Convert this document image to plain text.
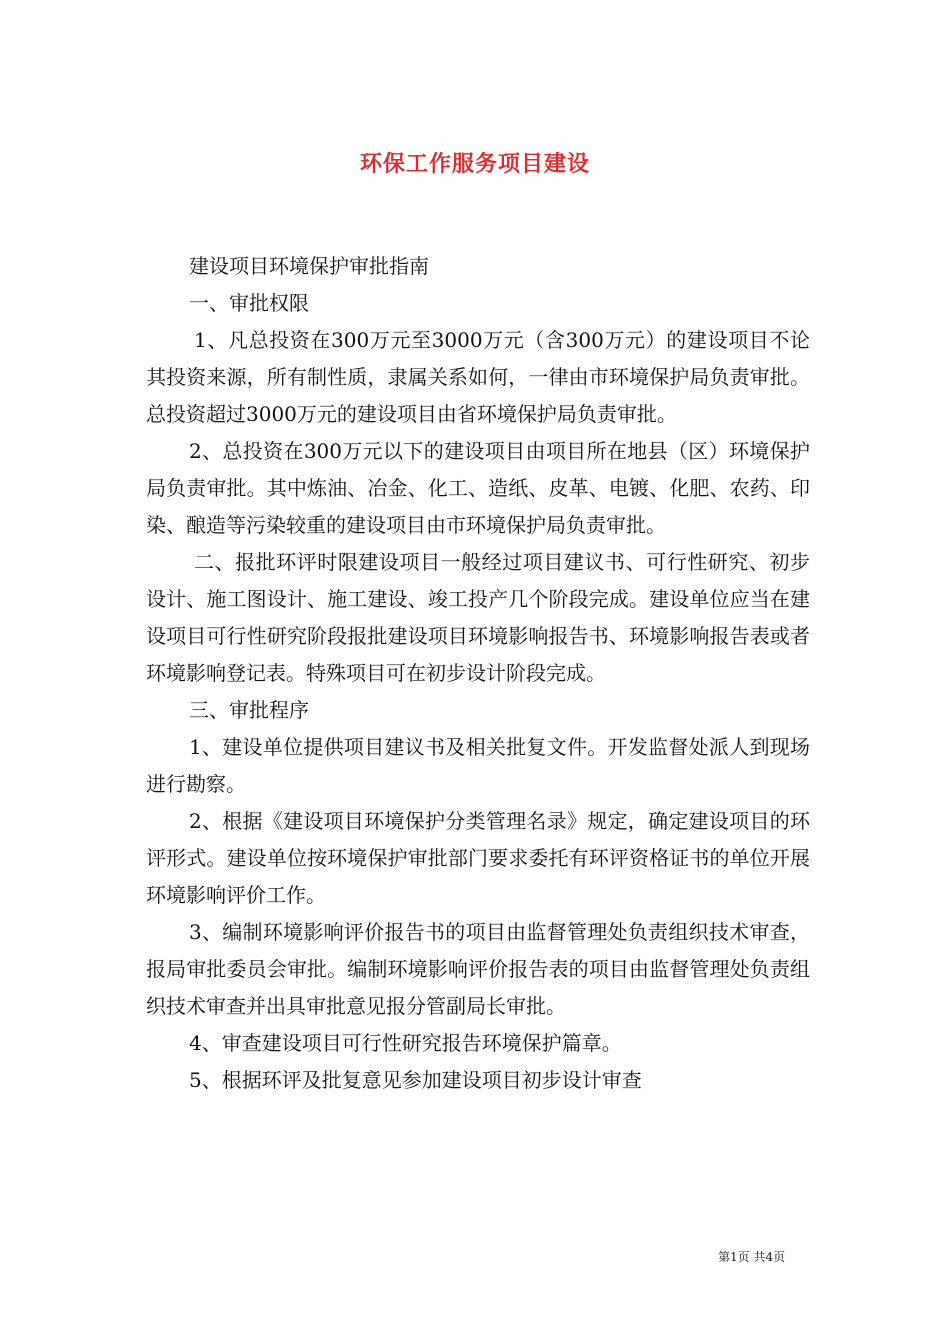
环保工作服务项目建设

建设项目环境保护审批指南

一、审批权限

1、凡总投资在300万元至3000万元（含300万元）的建设项目不论其投资来源，所有制性质，隶属关系如何，一律由市环境保护局负责审批。总投资超过3000万元的建设项目由省环境保护局负责审批。

2、总投资在300万元以下的建设项目由项目所在地县（区）环境保护局负责审批。其中炼油、冶金、化工、造纸、皮革、电镀、化肥、农药、印染、酿造等污染较重的建设项目由市环境保护局负责审批。

二、报批环评时限建设项目一般经过项目建议书、可行性研究、初步设计、施工图设计、施工建设、竣工投产几个阶段完成。建设单位应当在建设项目可行性研究阶段报批建设项目环境影响报告书、环境影响报告表或者环境影响登记表。特殊项目可在初步设计阶段完成。

三、审批程序

1、建设单位提供项目建议书及相关批复文件。开发监督处派人到现场进行勘察。

2、根据《建设项目环境保护分类管理名录》规定，确定建设项目的环评形式。建设单位按环境保护审批部门要求委托有环评资格证书的单位开展环境影响评价工作。

3、编制环境影响评价报告书的项目由监督管理处负责组织技术审查，报局审批委员会审批。编制环境影响评价报告表的项目由监督管理处负责组织技术审查并出具审批意见报分管副局长审批。

4、审查建设项目可行性研究报告环境保护篇章。

5、根据环评及批复意见参加建设项目初步设计审查

第1页 共4页
